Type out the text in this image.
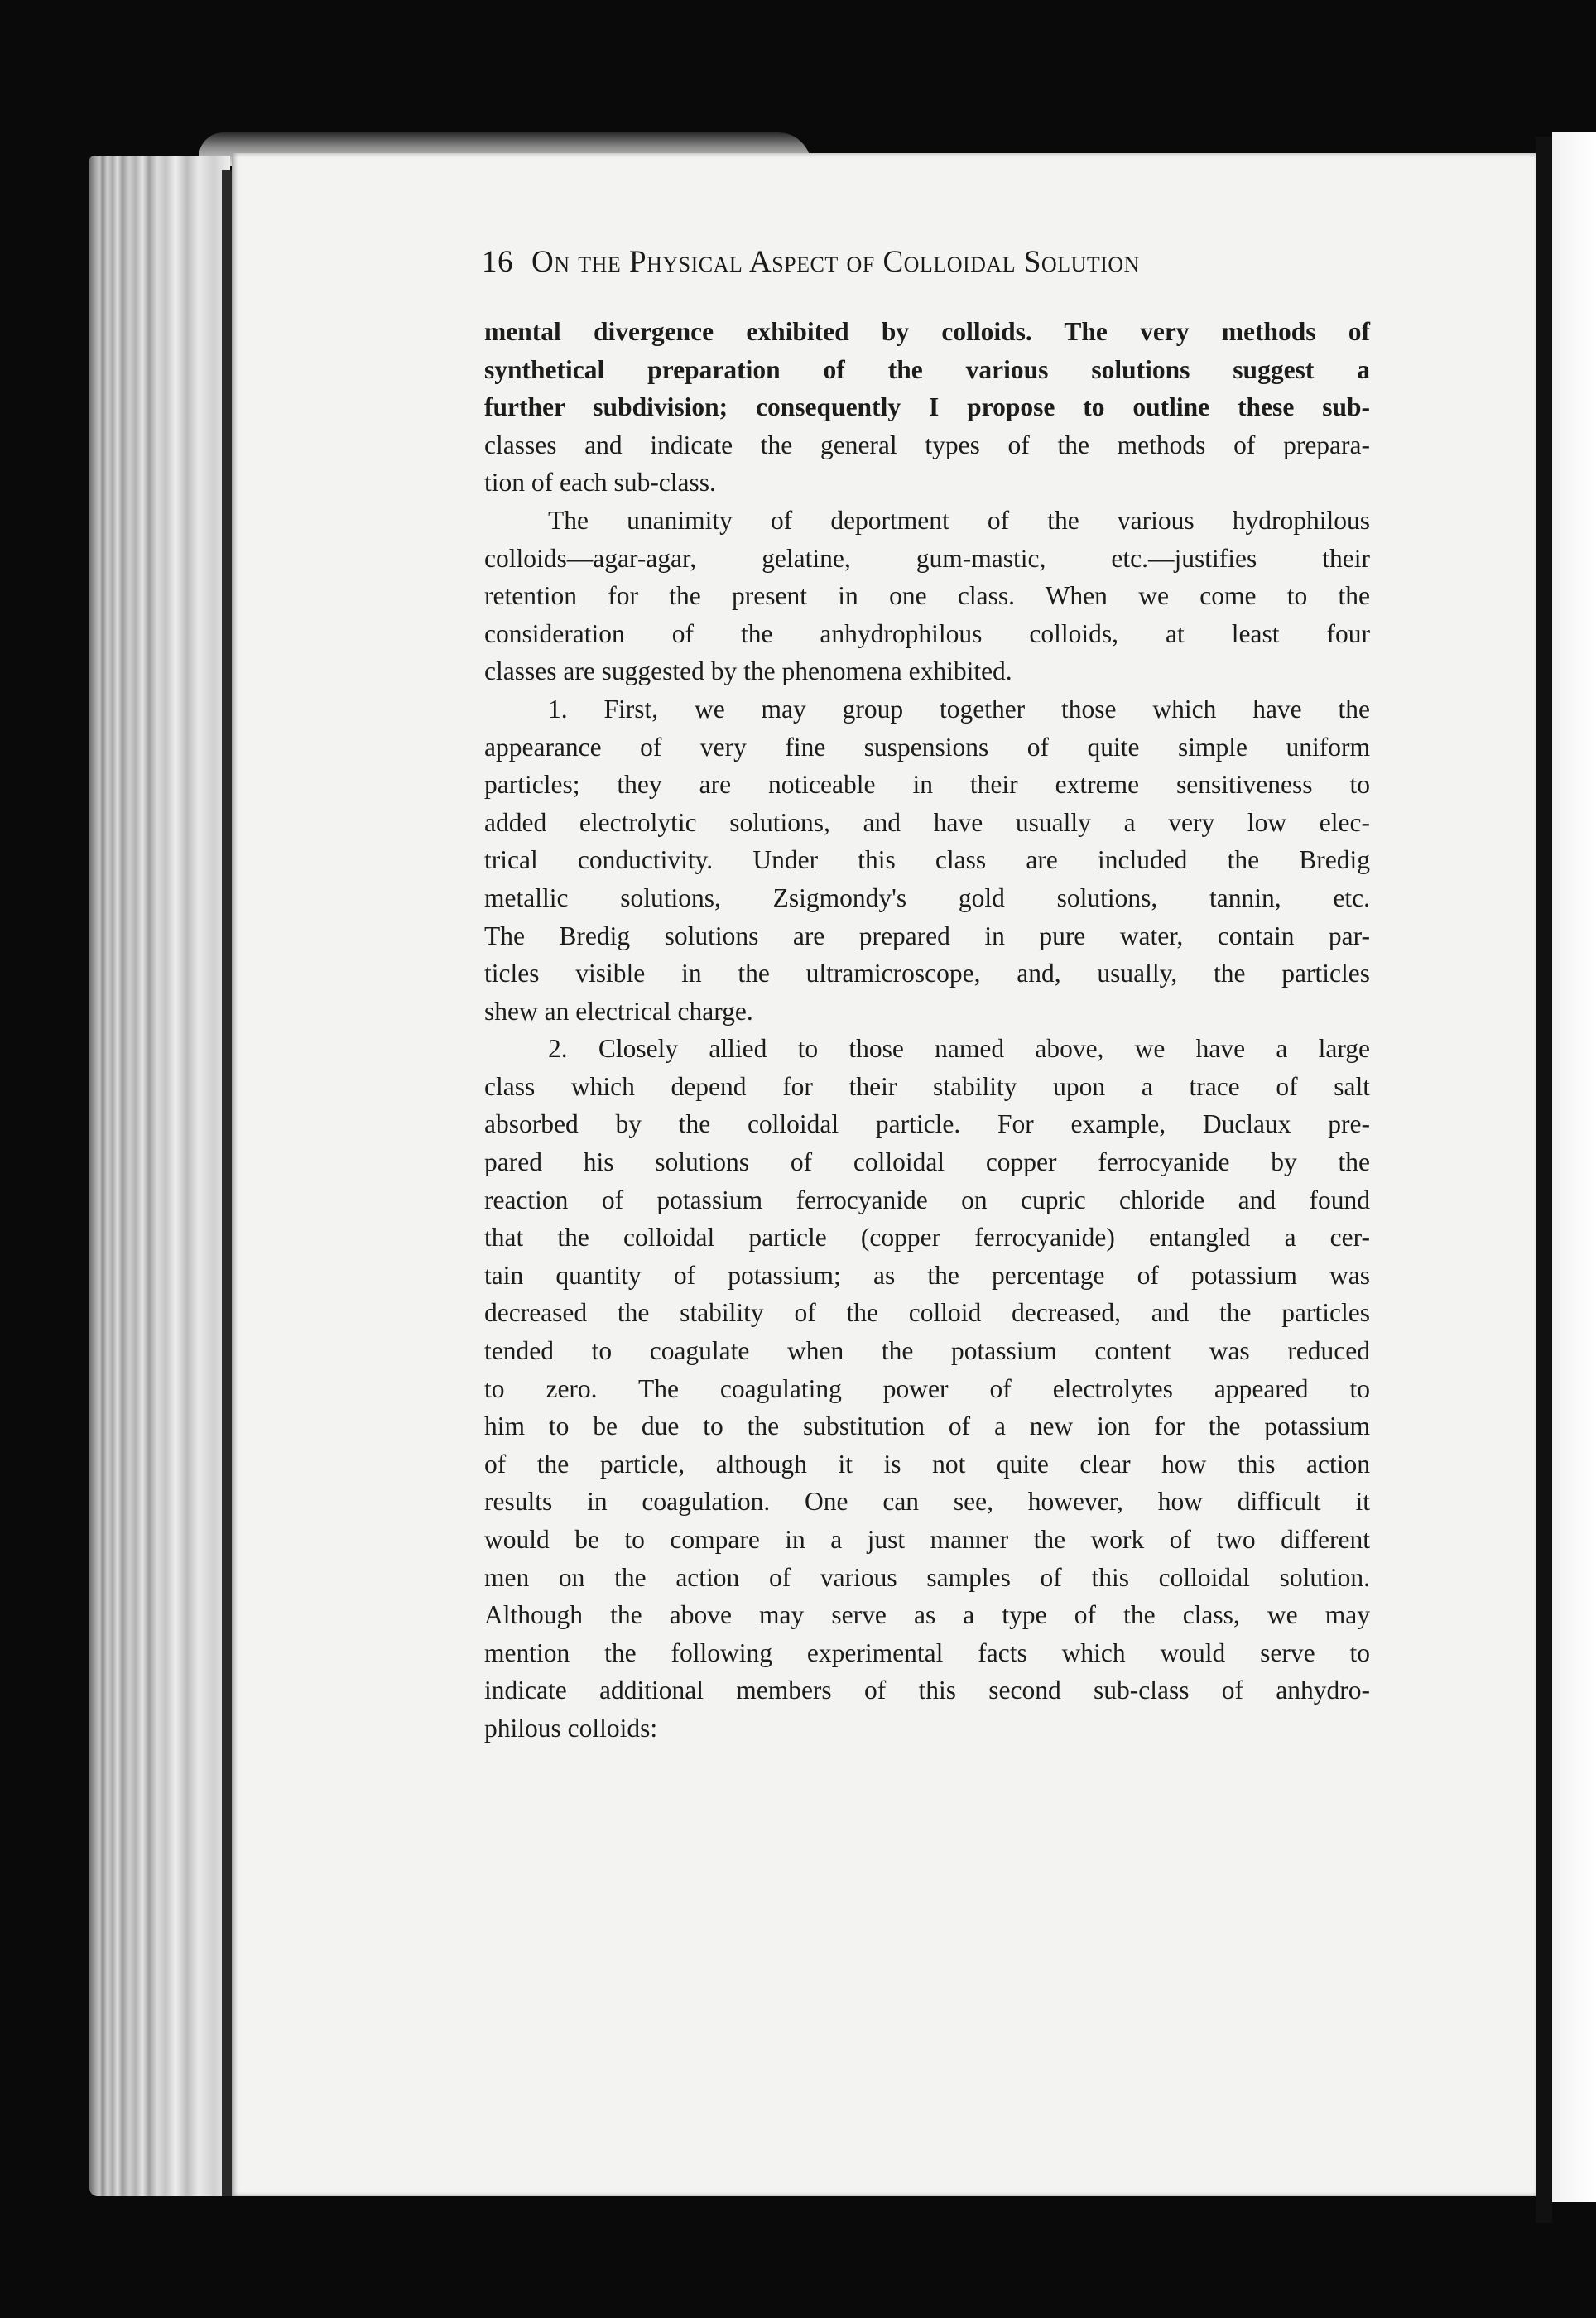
16 On the Physical Aspect of Colloidal Solution
mental divergence exhibited by colloids. The very methods of
synthetical preparation of the various solutions suggest a
further subdivision; consequently I propose to outline these sub-
classes and indicate the general types of the methods of prepara-
tion of each sub-class.
The unanimity of deportment of the various hydrophilous
colloids—agar-agar, gelatine, gum-mastic, etc.—justifies their
retention for the present in one class. When we come to the
consideration of the anhydrophilous colloids, at least four
classes are suggested by the phenomena exhibited.
1. First, we may group together those which have the
appearance of very fine suspensions of quite simple uniform
particles; they are noticeable in their extreme sensitiveness to
added electrolytic solutions, and have usually a very low elec-
trical conductivity. Under this class are included the Bredig
metallic solutions, Zsigmondy's gold solutions, tannin, etc.
The Bredig solutions are prepared in pure water, contain par-
ticles visible in the ultramicroscope, and, usually, the particles
shew an electrical charge.
2. Closely allied to those named above, we have a large
class which depend for their stability upon a trace of salt
absorbed by the colloidal particle. For example, Duclaux pre-
pared his solutions of colloidal copper ferrocyanide by the
reaction of potassium ferrocyanide on cupric chloride and found
that the colloidal particle (copper ferrocyanide) entangled a cer-
tain quantity of potassium; as the percentage of potassium was
decreased the stability of the colloid decreased, and the particles
tended to coagulate when the potassium content was reduced
to zero. The coagulating power of electrolytes appeared to
him to be due to the substitution of a new ion for the potassium
of the particle, although it is not quite clear how this action
results in coagulation. One can see, however, how difficult it
would be to compare in a just manner the work of two different
men on the action of various samples of this colloidal solution.
Although the above may serve as a type of the class, we may
mention the following experimental facts which would serve to
indicate additional members of this second sub-class of anhydro-
philous colloids:
